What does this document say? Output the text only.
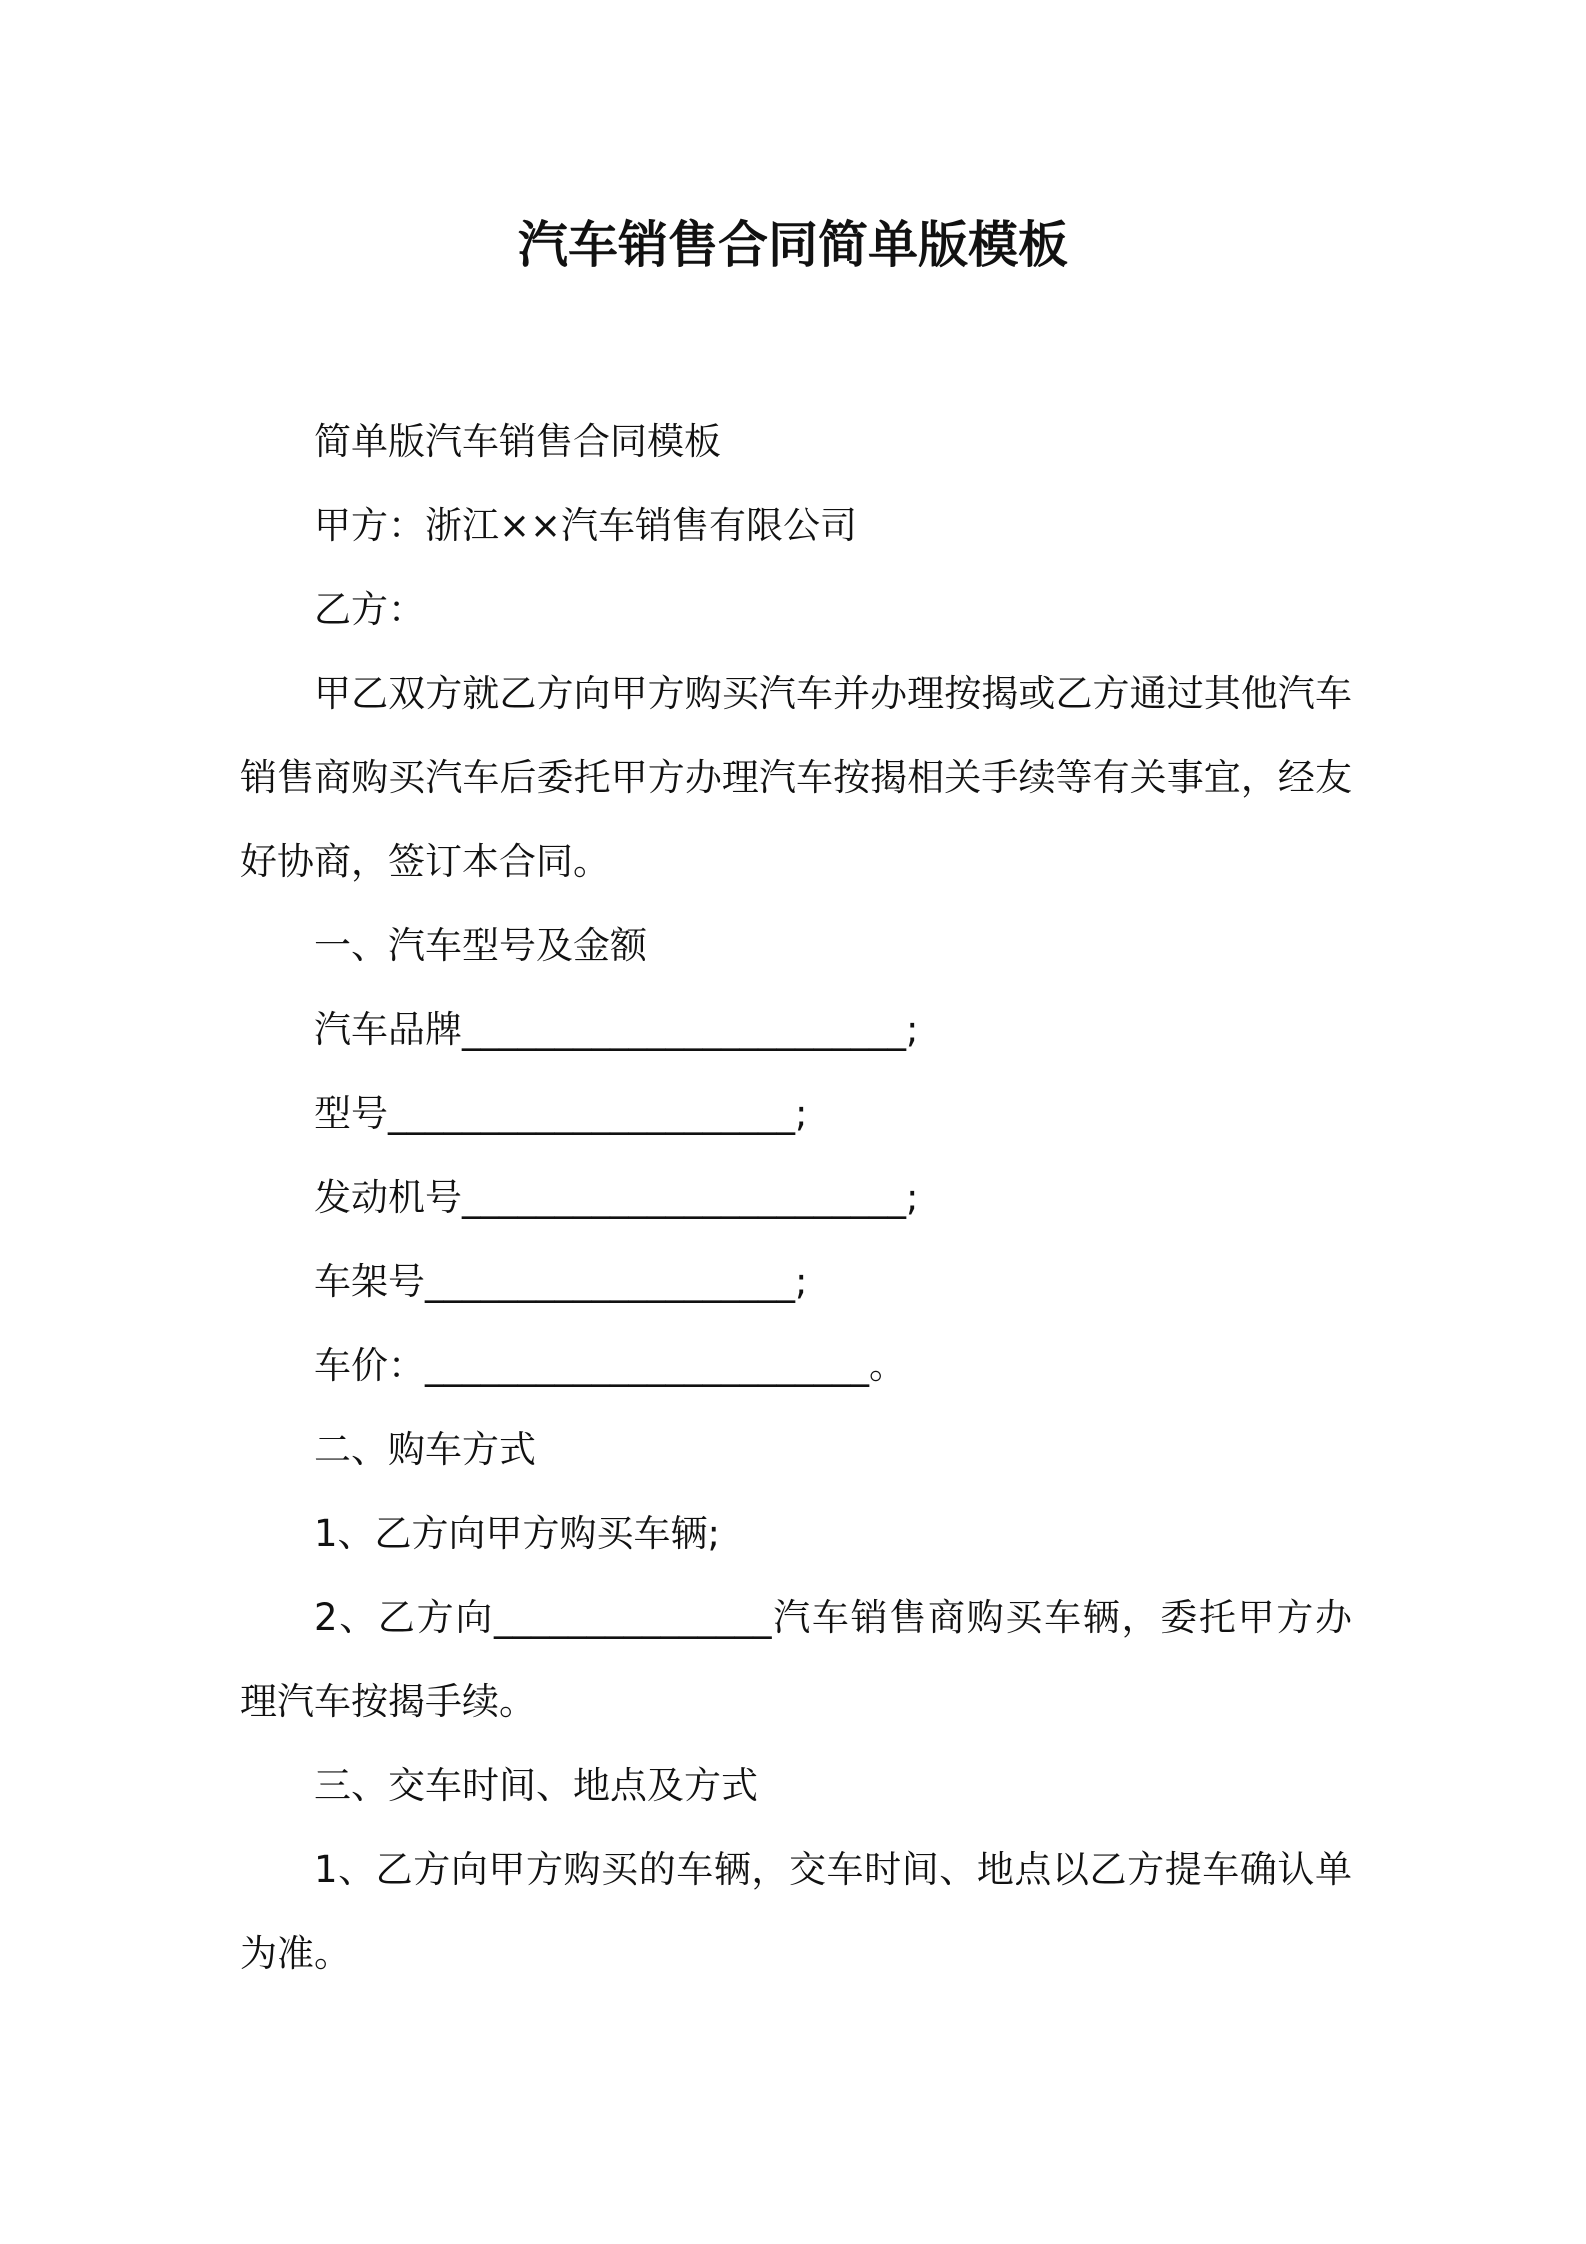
汽车销售合同简单版模板

简单版汽车销售合同模板

甲方：浙江××汽车销售有限公司

乙方：

甲乙双方就乙方向甲方购买汽车并办理按揭或乙方通过其他汽车销售商购买汽车后委托甲方办理汽车按揭相关手续等有关事宜，经友好协商，签订本合同。

一、汽车型号及金额

汽车品牌________________________;

型号______________________;

发动机号________________________;

车架号____________________;

车价：________________________。

二、购车方式

1、乙方向甲方购买车辆;

2、乙方向_______________汽车销售商购买车辆，委托甲方办理汽车按揭手续。

三、交车时间、地点及方式

1、乙方向甲方购买的车辆，交车时间、地点以乙方提车确认单为准。
